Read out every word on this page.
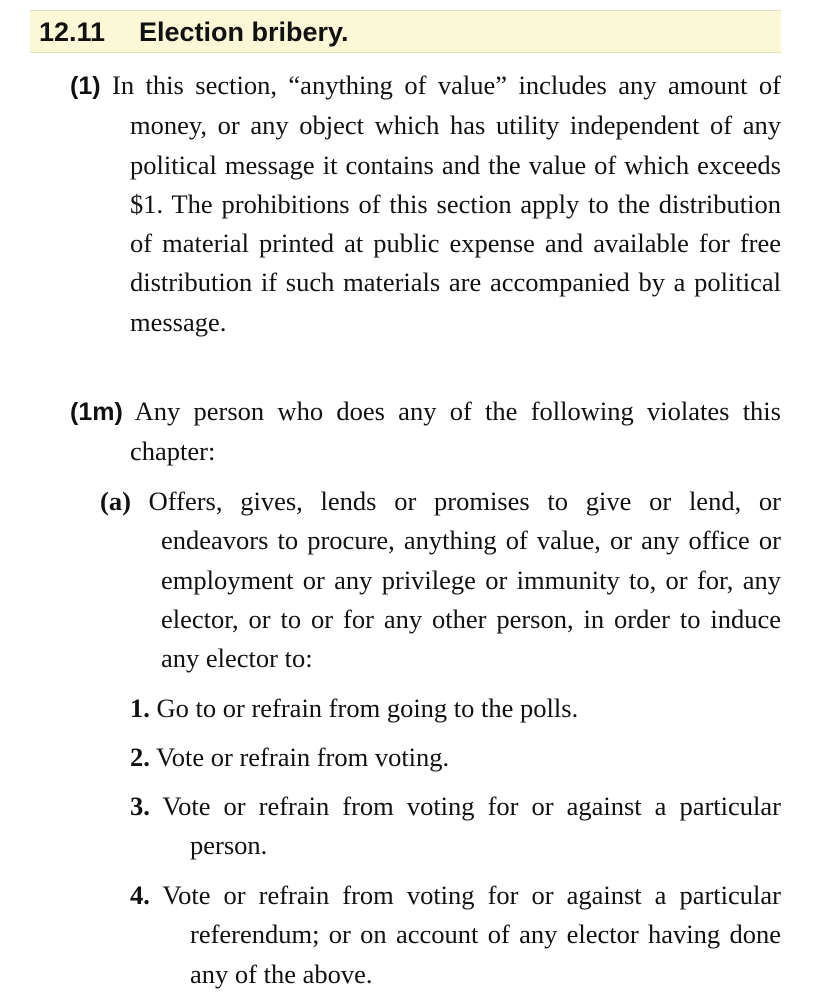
12.11 Election bribery.
(1) In this section, “anything of value” includes any amount of money, or any object which has utility independent of any political message it contains and the value of which exceeds $1. The prohibitions of this section apply to the distribution of material printed at public expense and available for free distribution if such materials are accompanied by a political message.
(1m) Any person who does any of the following violates this chapter:
(a) Offers, gives, lends or promises to give or lend, or endeavors to procure, anything of value, or any office or employment or any privilege or immunity to, or for, any elector, or to or for any other person, in order to induce any elector to:
1. Go to or refrain from going to the polls.
2. Vote or refrain from voting.
3. Vote or refrain from voting for or against a particular person.
4. Vote or refrain from voting for or against a particular referendum; or on account of any elector having done any of the above.
